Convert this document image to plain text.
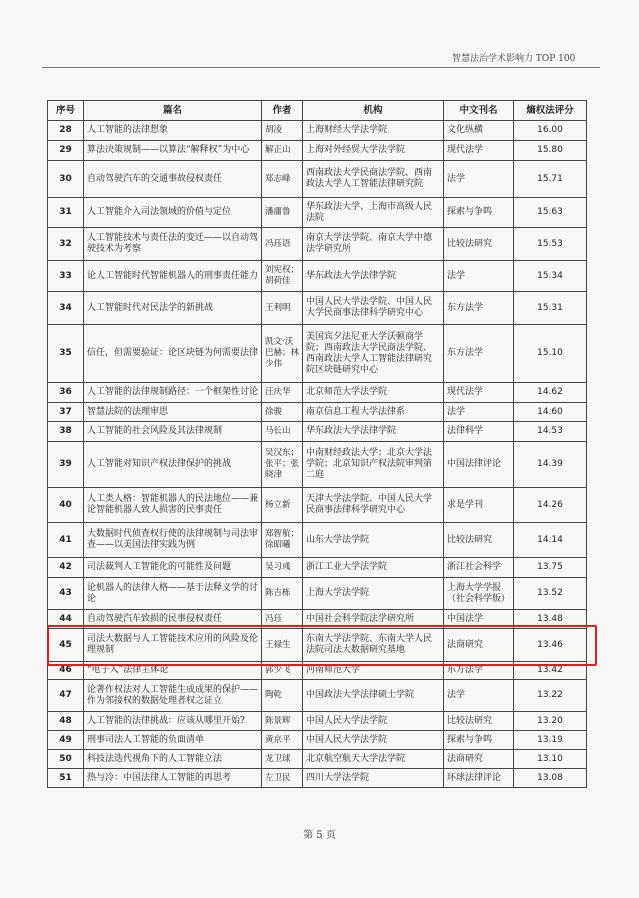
智慧法治学术影响力 TOP 100
序号	篇名	作者	机构	中文刊名	熵权法评分
28	人工智能的法律想象	胡凌	上海财经大学法学院	文化纵横	16.00
29	算法决策规制——以算法“解释权”为中心	解正山	上海对外经贸大学法学院	现代法学	15.80
30	自动驾驶汽车的交通事故侵权责任	郑志峰	西南政法大学民商法学院、西南政法大学人工智能法律研究院	法学	15.71
31	人工智能介入司法领域的价值与定位	潘庸鲁	华东政法大学、上海市高级人民法院	探索与争鸣	15.63
32	人工智能技术与责任法的变迁——以自动驾驶技术为考察	冯珏语	南京大学法学院、南京大学中德法学研究所	比较法研究	15.53
33	论人工智能时代智能机器人的刑事责任能力	刘宪权；胡荷佳	华东政法大学法律学院	法学	15.34
34	人工智能时代对民法学的新挑战	王利明	中国人民大学法学院、中国人民大学民商事法律科学研究中心	东方法学	15.31
35	信任，但需要验证：论区块链为何需要法律	凯文·沃巴赫；林少伟	美国宾夕法尼亚大学沃顿商学院；西南政法大学民商法学院、西南政法大学人工智能法律研究院区块链研究中心	东方法学	15.10
36	人工智能的法律规制路径：一个框架性讨论	汪庆华	北京师范大学法学院	现代法学	14.62
37	智慧法院的法理审思	徐骏	南京信息工程大学法律系	法学	14.60
38	人工智能的社会风险及其法律规制	马长山	华东政法大学法律学院	法律科学	14.53
39	人工智能对知识产权法律保护的挑战	吴汉东；张平；张晓津	中南财经政法大学；北京大学法学院；北京知识产权法院审判第二庭	中国法律评论	14.39
40	人工类人格：智能机器人的民法地位——兼论智能机器人致人损害的民事责任	杨立新	天津大学法学院、中国人民大学民商事法律科学研究中心	求是学刊	14.26
41	大数据时代侦查权行使的法律规制与司法审查——以美国法律实践为例	郑智航；徐昭曦	山东大学法学院	比较法研究	14.14
42	司法裁判人工智能化的可能性及问题	吴习彧	浙江工业大学法学院	浙江社会科学	13.75
43	论机器人的法律人格——基于法释义学的讨论	陈吉栋	上海大学法学院	上海大学学报（社会科学版）	13.52
44	自动驾驶汽车致损的民事侵权责任	冯珏	中国社会科学院法学研究所	中国法学	13.48
45	司法大数据与人工智能技术应用的风险及伦理规制	王禄生	东南大学法学院、东南大学人民法院司法大数据研究基地	法商研究	13.46
46	“电子人”法律主体论	郭少飞	河南师范大学	东方法学	13.42
47	论著作权法对人工智能生成成果的保护——作为邻接权的数据处理者权之证立	陶乾	中国政法大学法律硕士学院	法学	13.22
48	人工智能的法律挑战：应该从哪里开始?	陈景辉	中国人民大学法学院	比较法研究	13.20
49	刑事司法人工智能的负面清单	黄京平	中国人民大学法学院	探索与争鸣	13.19
50	科技法迭代视角下的人工智能立法	龙卫球	北京航空航天大学法学院	法商研究	13.10
51	热与冷：中国法律人工智能的再思考	左卫民	四川大学法学院	环球法律评论	13.08
第 5 页
